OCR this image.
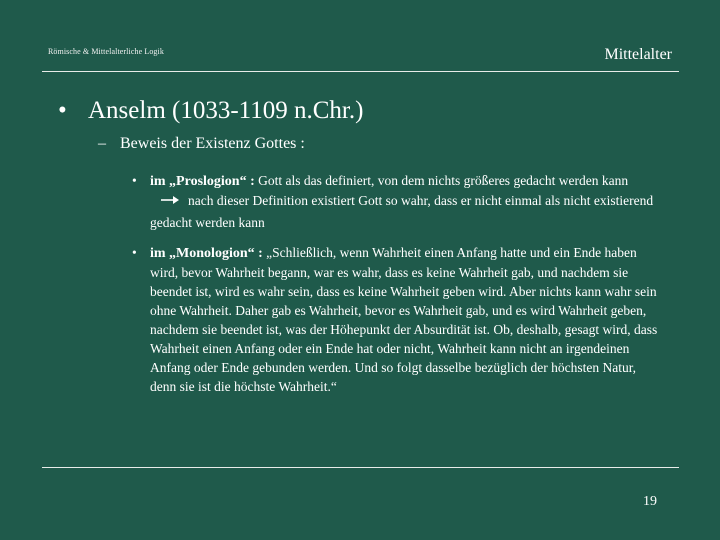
Römische & Mittelalterliche Logik	Mittelalter
• Anselm (1033-1109 n.Chr.)
– Beweis der Existenz Gottes :
• im „Proslogion“ : Gott als das definiert, von dem nichts größeres gedacht werden kannnach dieser Definition existiert Gott so wahr, dass er nicht einmal als nicht existierend gedacht werden kann
• im „Monologion“ : „Schließlich, wenn Wahrheit einen Anfang hatte und ein Ende haben wird, bevor Wahrheit begann, war es wahr, dass es keine Wahrheit gab, und nachdem sie beendet ist, wird es wahr sein, dass es keine Wahrheit geben wird. Aber nichts kann wahr sein ohne Wahrheit. Daher gab es Wahrheit, bevor es Wahrheit gab, und es wird Wahrheit geben, nachdem sie beendet ist, was der Höhepunkt der Absurdität ist. Ob, deshalb, gesagt wird, dass Wahrheit einen Anfang oder ein Ende hat oder nicht, Wahrheit kann nicht an irgendeinen Anfang oder Ende gebunden werden. Und so folgt dasselbe bezüglich der höchsten Natur, denn sie ist die höchste Wahrheit.“
19
